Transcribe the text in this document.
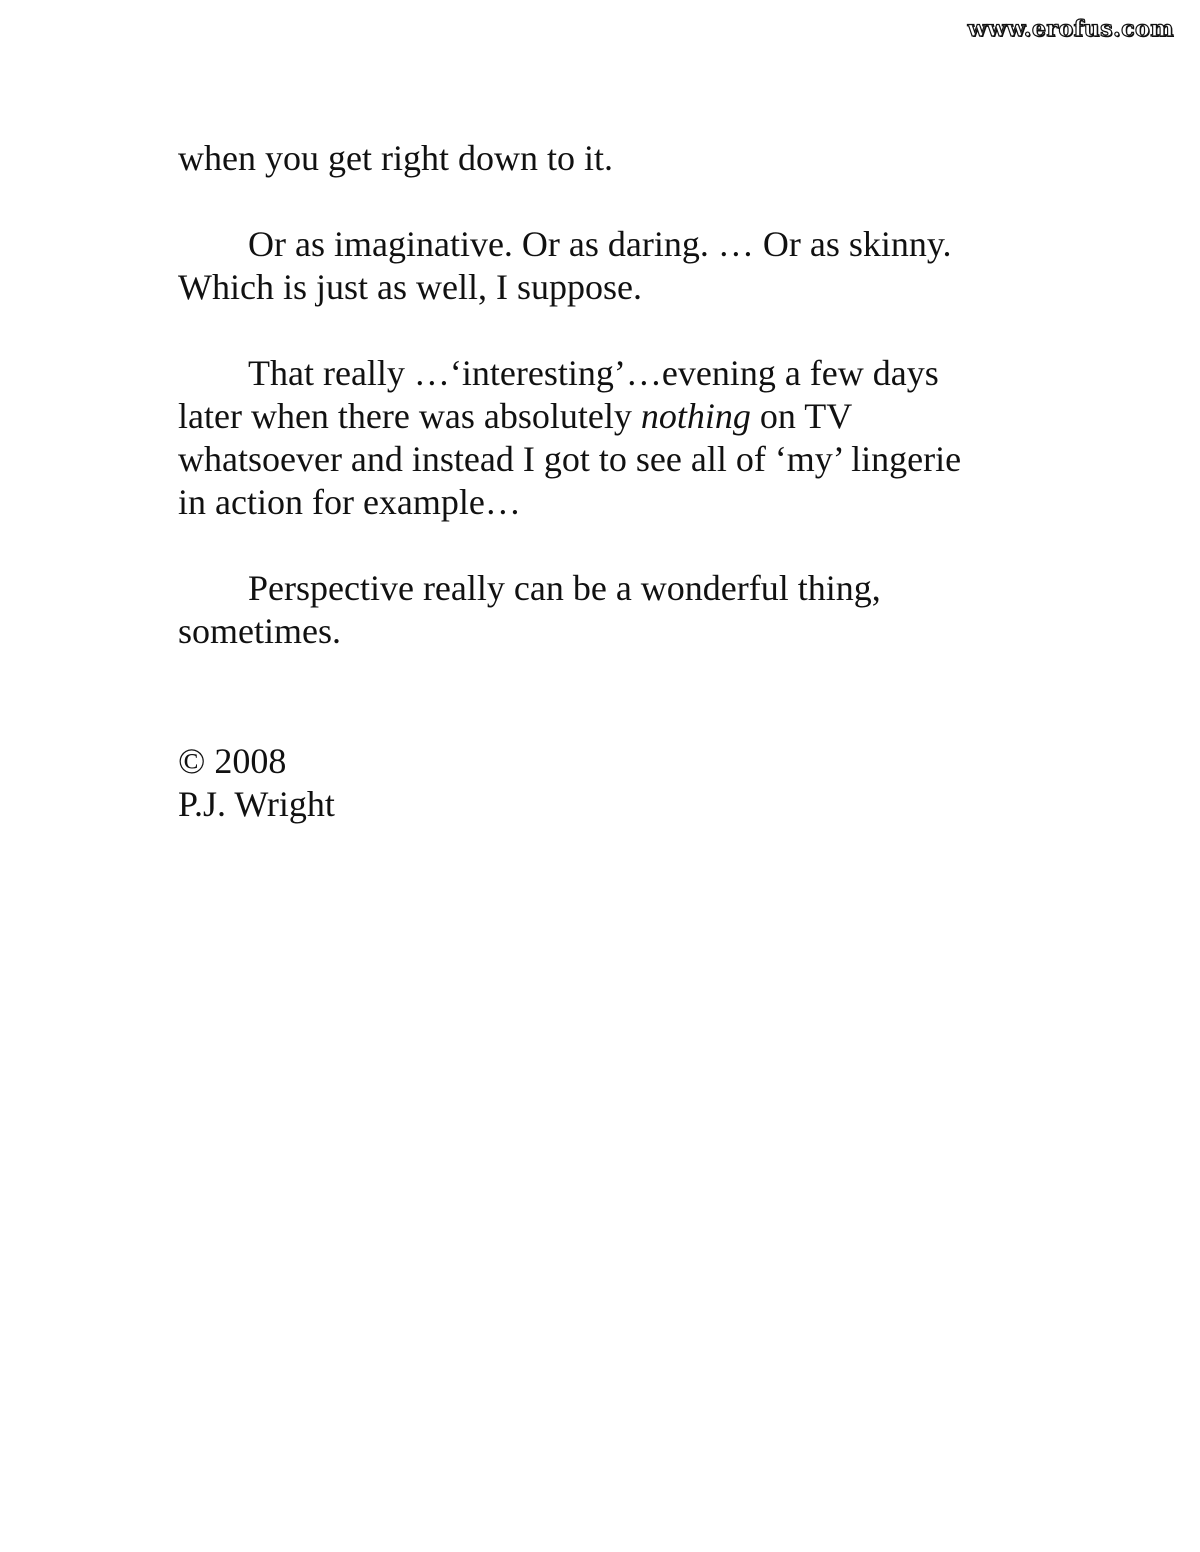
www.erofus.com
when you get right down to it.
Or as imaginative. Or as daring. … Or as skinny.
Which is just as well, I suppose.
That really …‘interesting’…evening a few days
later when there was absolutely nothing on TV
whatsoever and instead I got to see all of ‘my’ lingerie
in action for example…
Perspective really can be a wonderful thing,
sometimes.
© 2008
P.J. Wright
